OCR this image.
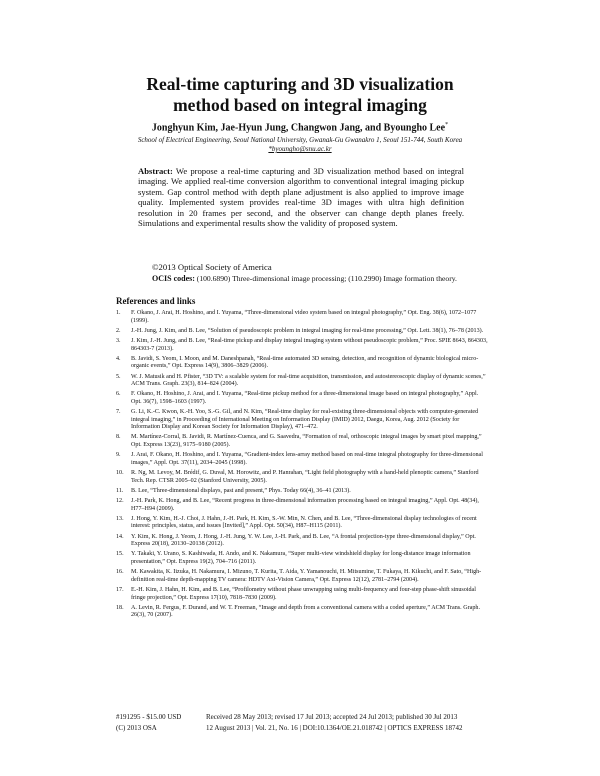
Real-time capturing and 3D visualization
method based on integral imaging
Jonghyun Kim, Jae-Hyun Jung, Changwon Jang, and Byoungho Lee*
School of Electrical Engineering, Seoul National University, Gwanak-Gu Gwanakro 1, Seoul 151-744, South Korea
*byoungho@snu.ac.kr
Abstract: We propose a real-time capturing and 3D visualization method based on integral imaging. We applied real-time conversion algorithm to conventional integral imaging pickup system. Gap control method with depth plane adjustment is also applied to improve image quality. Implemented system provides real-time 3D images with ultra high definition resolution in 20 frames per second, and the observer can change depth planes freely. Simulations and experimental results show the validity of proposed system.
©2013 Optical Society of America
OCIS codes: (100.6890) Three-dimensional image processing; (110.2990) Image formation theory.
References and links
1. F. Okano, J. Arai, H. Hoshino, and I. Yuyama, “Three-dimensional video system based on integral photography,” Opt. Eng. 38(6), 1072–1077 (1999).
2. J.-H. Jung, J. Kim, and B. Lee, “Solution of pseudoscopic problem in integral imaging for real-time processing,” Opt. Lett. 38(1), 76–78 (2013).
3. J. Kim, J.-H. Jung, and B. Lee, “Real-time pickup and display integral imaging system without pseudoscopic problem,” Proc. SPIE 8643, 864303, 864303-7 (2013).
4. B. Javidi, S. Yeom, I. Moon, and M. Daneshpanah, “Real-time automated 3D sensing, detection, and recognition of dynamic biological micro-organic events,” Opt. Express 14(9), 3806–3829 (2006).
5. W. J. Matusik and H. Pfister, “3D TV: a scalable system for real-time acquisition, transmission, and autostereoscopic display of dynamic scenes,” ACM Trans. Graph. 23(3), 814–824 (2004).
6. F. Okano, H. Hoshino, J. Arai, and I. Yuyama, “Real-time pickup method for a three-dimensional image based on integral photography,” Appl. Opt. 36(7), 1598–1603 (1997).
7. G. Li, K.-C. Kwon, K.-H. Yoo, S.-G. Gil, and N. Kim, “Real-time display for real-existing three-dimensional objects with computer-generated integral imaging,” in Proceeding of International Meeting on Information Display (IMID) 2012, Daegu, Korea, Aug. 2012 (Society for Information Display and Korean Society for Information Display), 471–472.
8. M. Martínez-Corral, B. Javidi, R. Martínez-Cuenca, and G. Saavedra, “Formation of real, orthoscopic integral images by smart pixel mapping,” Opt. Express 13(23), 9175–9180 (2005).
9. J. Arai, F. Okano, H. Hoshino, and I. Yuyama, “Gradient-index lens-array method based on real-time integral photography for three-dimensional images,” Appl. Opt. 37(11), 2034–2045 (1998).
10. R. Ng, M. Levoy, M. Brédif, G. Duval, M. Horowitz, and P. Hanrahan, “Light field photography with a hand-held plenoptic camera,” Stanford Tech. Rep. CTSR 2005–02 (Stanford University, 2005).
11. B. Lee, “Three-dimensional displays, past and present,” Phys. Today 66(4), 36–41 (2013).
12. J.-H. Park, K. Hong, and B. Lee, “Recent progress in three-dimensional information processing based on integral imaging,” Appl. Opt. 48(34), H77–H94 (2009).
13. J. Hong, Y. Kim, H.-J. Choi, J. Hahn, J.-H. Park, H. Kim, S.-W. Min, N. Chen, and B. Lee, “Three-dimensional display technologies of recent interest: principles, status, and issues [Invited],” Appl. Opt. 50(34), H87–H115 (2011).
14. Y. Kim, K. Hong, J. Yeom, J. Hong, J.-H. Jung, Y. W. Lee, J.-H. Park, and B. Lee, “A frontal projection-type three-dimensional display,” Opt. Express 20(18), 20130–20138 (2012).
15. Y. Takaki, Y. Urano, S. Kashiwada, H. Ando, and K. Nakamura, “Super multi-view windshield display for long-distance image information presentation,” Opt. Express 19(2), 704–716 (2011).
16. M. Kawakita, K. Iizuka, H. Nakamura, I. Mizuno, T. Kurita, T. Aida, Y. Yamanouchi, H. Mitsumine, T. Fukaya, H. Kikuchi, and F. Sato, “High-definition real-time depth-mapping TV camera: HDTV Axi-Vision Camera,” Opt. Express 12(12), 2781–2794 (2004).
17. E.-H. Kim, J. Hahn, H. Kim, and B. Lee, “Profilometry without phase unwrapping using multi-frequency and four-step phase-shift sinusoidal fringe projection,” Opt. Express 17(10), 7818–7830 (2009).
18. A. Levin, R. Fergus, F. Durand, and W. T. Freeman, “Image and depth from a conventional camera with a coded aperture,” ACM Trans. Graph. 26(3), 70 (2007).
#191295 - $15.00 USD	Received 28 May 2013; revised 17 Jul 2013; accepted 24 Jul 2013; published 30 Jul 2013
(C) 2013 OSA	12 August 2013 | Vol. 21, No. 16 | DOI:10.1364/OE.21.018742 | OPTICS EXPRESS 18742
